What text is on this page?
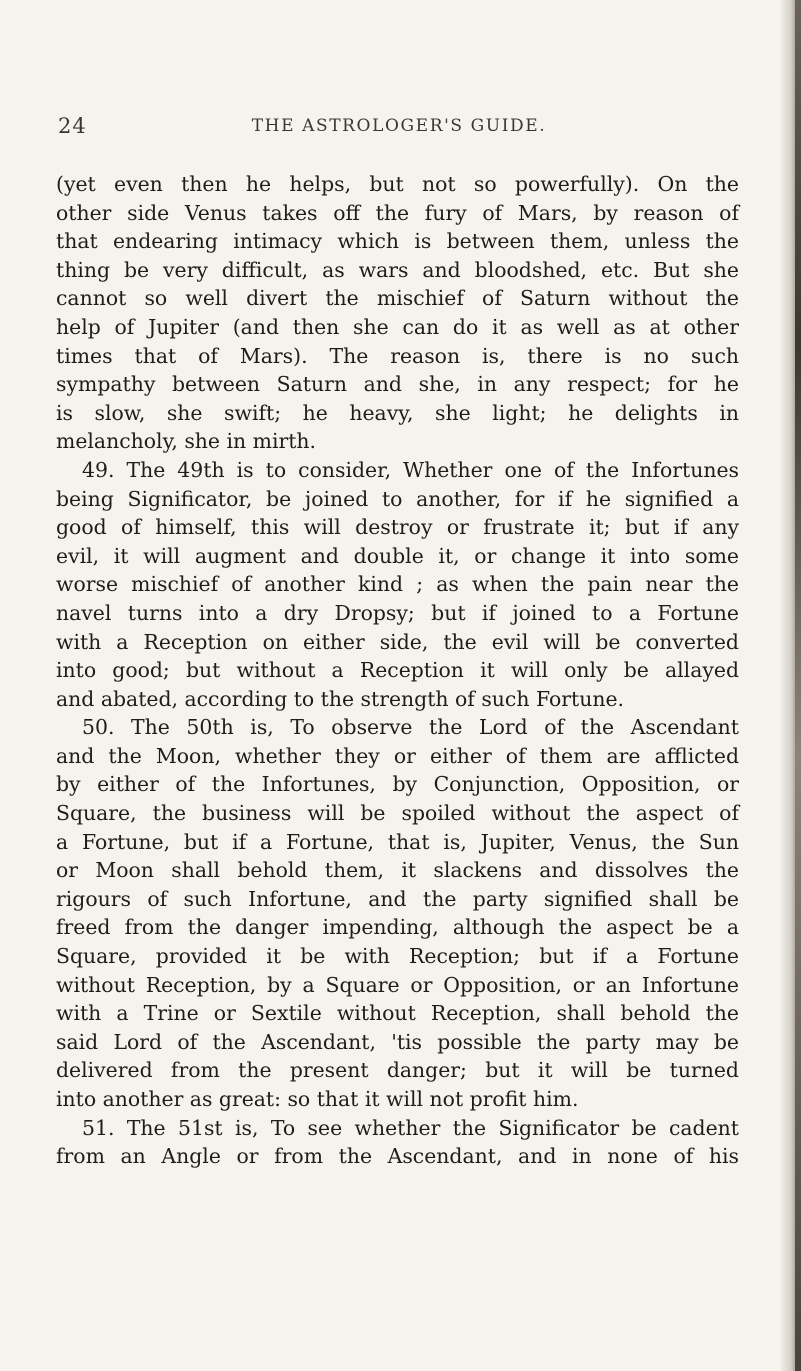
24	THE ASTROLOGER'S GUIDE.
(yet even then he helps, but not so powerfully). On the
other side Venus takes off the fury of Mars, by reason of
that endearing intimacy which is between them, unless the
thing be very difficult, as wars and bloodshed, etc. But she
cannot so well divert the mischief of Saturn without the
help of Jupiter (and then she can do it as well as at other
times that of Mars). The reason is, there is no such
sympathy between Saturn and she, in any respect; for he
is slow, she swift; he heavy, she light; he delights in
melancholy, she in mirth.
49. The 49th is to consider, Whether one of the Infortunes
being Significator, be joined to another, for if he signified a
good of himself, this will destroy or frustrate it; but if any
evil, it will augment and double it, or change it into some
worse mischief of another kind ; as when the pain near the
navel turns into a dry Dropsy; but if joined to a Fortune
with a Reception on either side, the evil will be converted
into good; but without a Reception it will only be allayed
and abated, according to the strength of such Fortune.
50. The 50th is, To observe the Lord of the Ascendant
and the Moon, whether they or either of them are afflicted
by either of the Infortunes, by Conjunction, Opposition, or
Square, the business will be spoiled without the aspect of
a Fortune, but if a Fortune, that is, Jupiter, Venus, the Sun
or Moon shall behold them, it slackens and dissolves the
rigours of such Infortune, and the party signified shall be
freed from the danger impending, although the aspect be a
Square, provided it be with Reception; but if a Fortune
without Reception, by a Square or Opposition, or an Infortune
with a Trine or Sextile without Reception, shall behold the
said Lord of the Ascendant, 'tis possible the party may be
delivered from the present danger; but it will be turned
into another as great: so that it will not profit him.
51. The 51st is, To see whether the Significator be cadent
from an Angle or from the Ascendant, and in none of his
